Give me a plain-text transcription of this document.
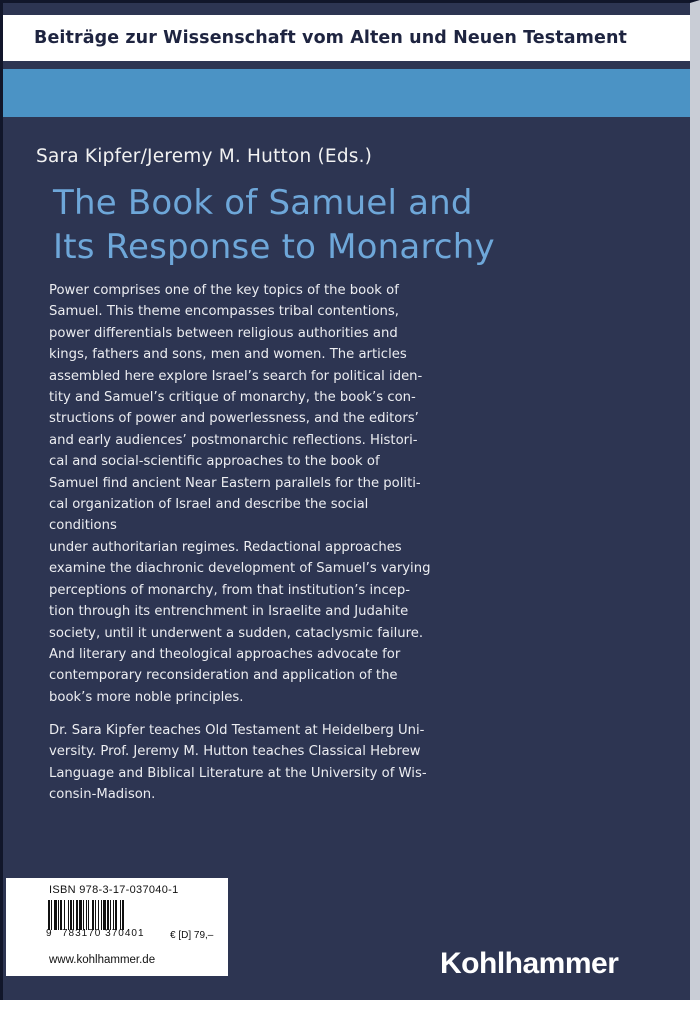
Beiträge zur Wissenschaft vom Alten und Neuen Testament
Sara Kipfer/Jeremy M. Hutton (Eds.)
The Book of Samuel and
Its Response to Monarchy
Power comprises one of the key topics of the book of
Samuel. This theme encompasses tribal contentions,
power differentials between religious authorities and
kings, fathers and sons, men and women. The articles
assembled here explore Israel’s search for political iden-
tity and Samuel’s critique of monarchy, the book’s con-
structions of power and powerlessness, and the editors’
and early audiences’ postmonarchic reflections. Histori-
cal and social-scientific approaches to the book of
Samuel find ancient Near Eastern parallels for the politi-
cal organization of Israel and describe the social conditions
under authoritarian regimes. Redactional approaches
examine the diachronic development of Samuel’s varying
perceptions of monarchy, from that institution’s incep-
tion through its entrenchment in Israelite and Judahite
society, until it underwent a sudden, cataclysmic failure.
And literary and theological approaches advocate for
contemporary reconsideration and application of the
book’s more noble principles.
Dr. Sara Kipfer teaches Old Testament at Heidelberg Uni-
versity. Prof. Jeremy M. Hutton teaches Classical Hebrew
Language and Biblical Literature at the University of Wis-
consin-Madison.
ISBN 978-3-17-037040-1
9 783170 370401	€ [D] 79,–
www.kohlhammer.de	Kohlhammer
